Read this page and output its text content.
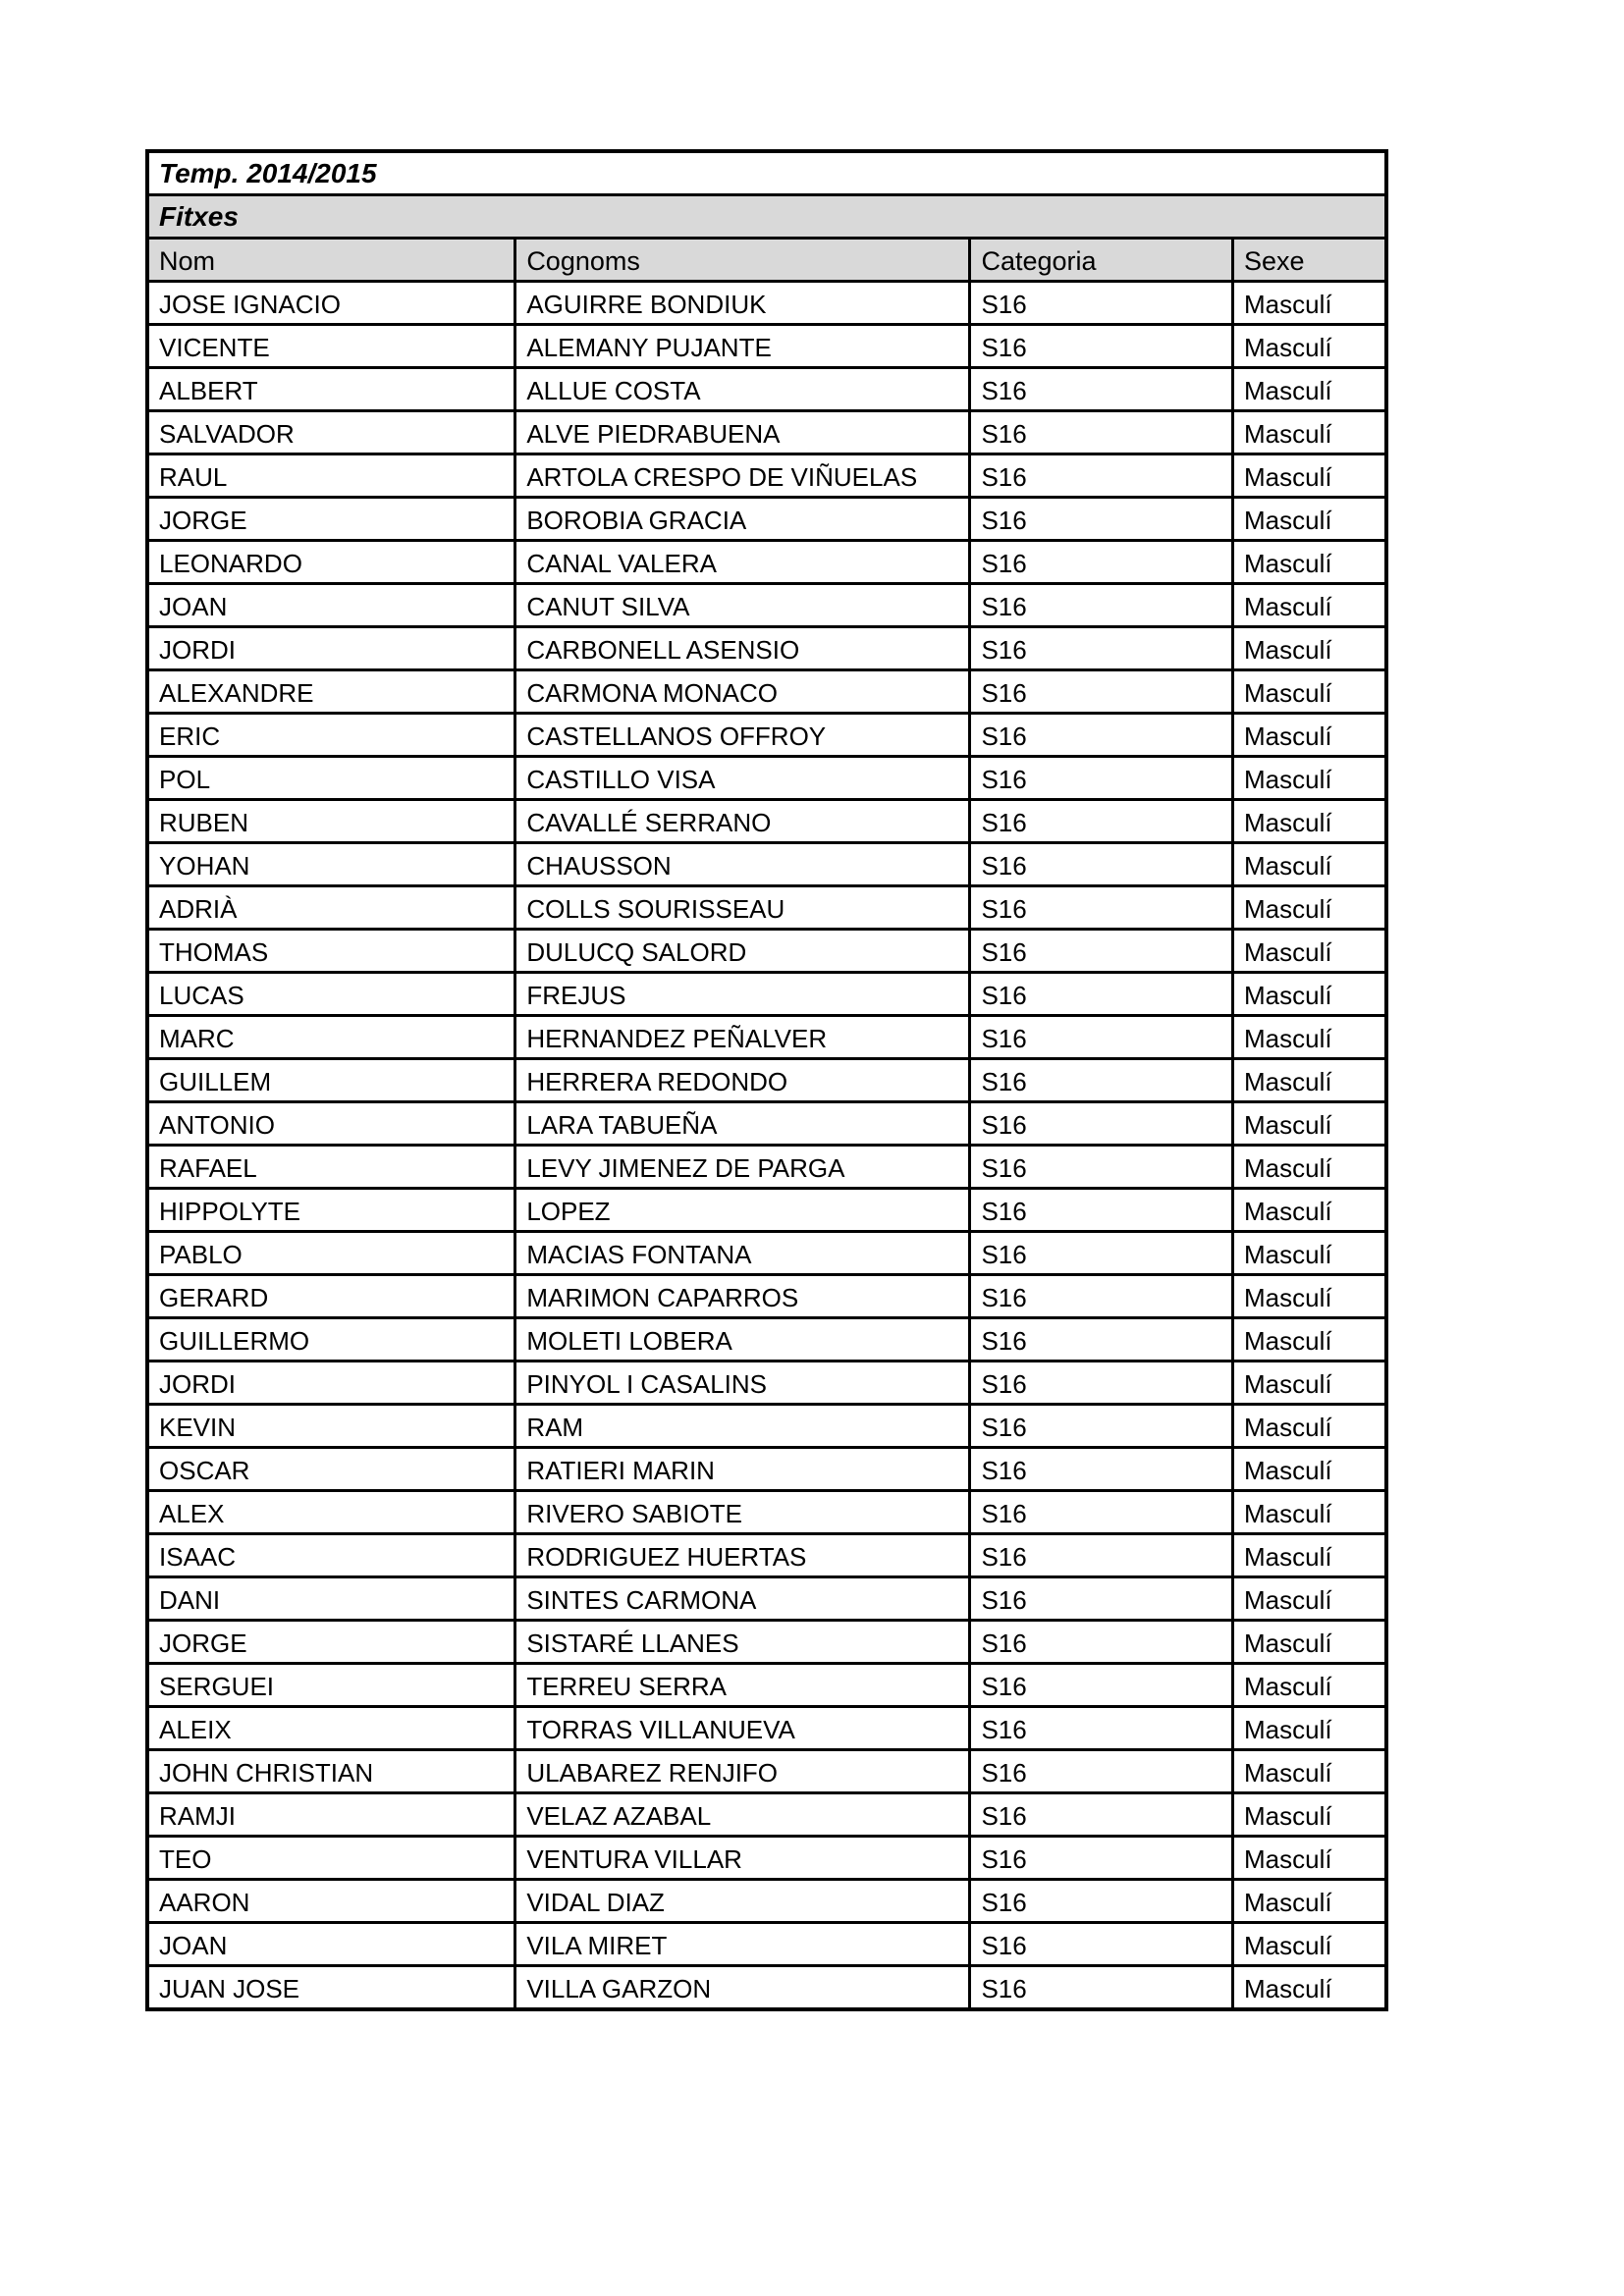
Temp. 2014/2015			
Fitxes			
Nom	Cognoms	Categoria	Sexe
JOSE IGNACIO	AGUIRRE BONDIUK	S16	Masculí
VICENTE	ALEMANY PUJANTE	S16	Masculí
ALBERT	ALLUE COSTA	S16	Masculí
SALVADOR	ALVE PIEDRABUENA	S16	Masculí
RAUL	ARTOLA CRESPO DE VIÑUELAS	S16	Masculí
JORGE	BOROBIA GRACIA	S16	Masculí
LEONARDO	CANAL VALERA	S16	Masculí
JOAN	CANUT SILVA	S16	Masculí
JORDI	CARBONELL ASENSIO	S16	Masculí
ALEXANDRE	CARMONA MONACO	S16	Masculí
ERIC	CASTELLANOS OFFROY	S16	Masculí
POL	CASTILLO VISA	S16	Masculí
RUBEN	CAVALLÉ SERRANO	S16	Masculí
YOHAN	CHAUSSON	S16	Masculí
ADRIÀ	COLLS SOURISSEAU	S16	Masculí
THOMAS	DULUCQ SALORD	S16	Masculí
LUCAS	FREJUS	S16	Masculí
MARC	HERNANDEZ PEÑALVER	S16	Masculí
GUILLEM	HERRERA REDONDO	S16	Masculí
ANTONIO	LARA TABUEÑA	S16	Masculí
RAFAEL	LEVY JIMENEZ DE PARGA	S16	Masculí
HIPPOLYTE	LOPEZ	S16	Masculí
PABLO	MACIAS FONTANA	S16	Masculí
GERARD	MARIMON CAPARROS	S16	Masculí
GUILLERMO	MOLETI LOBERA	S16	Masculí
JORDI	PINYOL I CASALINS	S16	Masculí
KEVIN	RAM	S16	Masculí
OSCAR	RATIERI MARIN	S16	Masculí
ALEX	RIVERO SABIOTE	S16	Masculí
ISAAC	RODRIGUEZ HUERTAS	S16	Masculí
DANI	SINTES CARMONA	S16	Masculí
JORGE	SISTARÉ LLANES	S16	Masculí
SERGUEI	TERREU SERRA	S16	Masculí
ALEIX	TORRAS VILLANUEVA	S16	Masculí
JOHN CHRISTIAN	ULABAREZ RENJIFO	S16	Masculí
RAMJI	VELAZ AZABAL	S16	Masculí
TEO	VENTURA VILLAR	S16	Masculí
AARON	VIDAL DIAZ	S16	Masculí
JOAN	VILA MIRET	S16	Masculí
JUAN JOSE	VILLA GARZON	S16	Masculí
